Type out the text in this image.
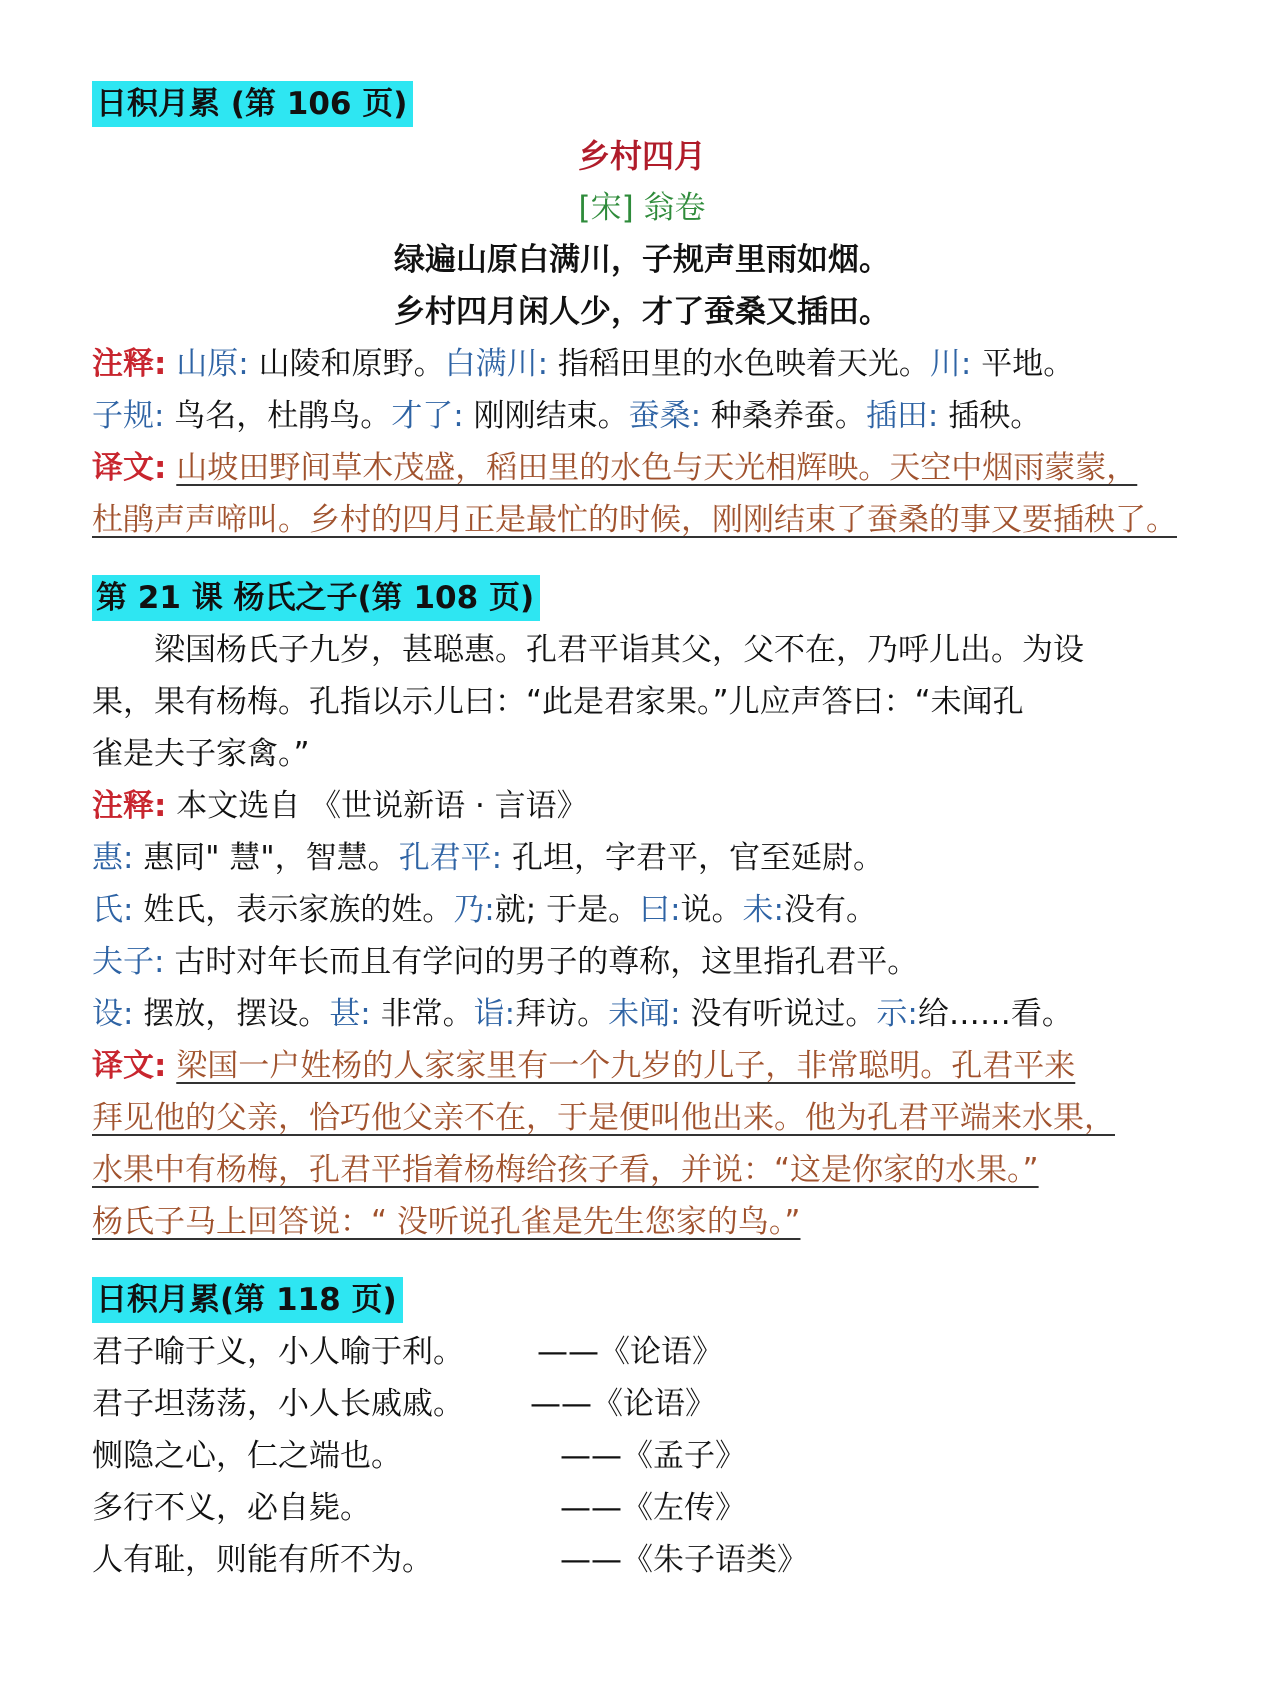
日积月累 (第 106 页)
乡村四月
[宋] 翁卷
绿遍山原白满川，子规声里雨如烟。
乡村四月闲人少，才了蚕桑又插田。
注释: 山原: 山陵和原野。白满川: 指稻田里的水色映着天光。川: 平地。
子规: 鸟名，杜鹃鸟。才了: 刚刚结束。蚕桑: 种桑养蚕。插田: 插秧。
译文: 山坡田野间草木茂盛，稻田里的水色与天光相辉映。天空中烟雨蒙蒙，
杜鹃声声啼叫。乡村的四月正是最忙的时候，刚刚结束了蚕桑的事又要插秧了。
第 21 课 杨氏之子(第 108 页)
梁国杨氏子九岁，甚聪惠。孔君平诣其父，父不在，乃呼儿出。为设
果，果有杨梅。孔指以示儿曰：“此是君家果。”儿应声答曰：“未闻孔
雀是夫子家禽。”
注释: 本文选自 《世说新语 · 言语》
惠: 惠同" 慧"，智慧。孔君平: 孔坦，字君平，官至延尉。
氏: 姓氏，表示家族的姓。乃:就; 于是。曰:说。未:没有。
夫子: 古时对年长而且有学问的男子的尊称，这里指孔君平。
设: 摆放，摆设。甚: 非常。诣:拜访。未闻: 没有听说过。示:给……看。
译文: 梁国一户姓杨的人家家里有一个九岁的儿子，非常聪明。孔君平来
拜见他的父亲，恰巧他父亲不在，于是便叫他出来。他为孔君平端来水果，
水果中有杨梅，孔君平指着杨梅给孩子看，并说：“这是你家的水果。”
杨氏子马上回答说：“ 没听说孔雀是先生您家的鸟。”
日积月累(第 118 页)
君子喻于义，小人喻于利。 ——《论语》
君子坦荡荡，小人长戚戚。 ——《论语》
恻隐之心，仁之端也。	——《孟子》
多行不义，必自毙。	——《左传》
人有耻，则能有所不为。	——《朱子语类》
